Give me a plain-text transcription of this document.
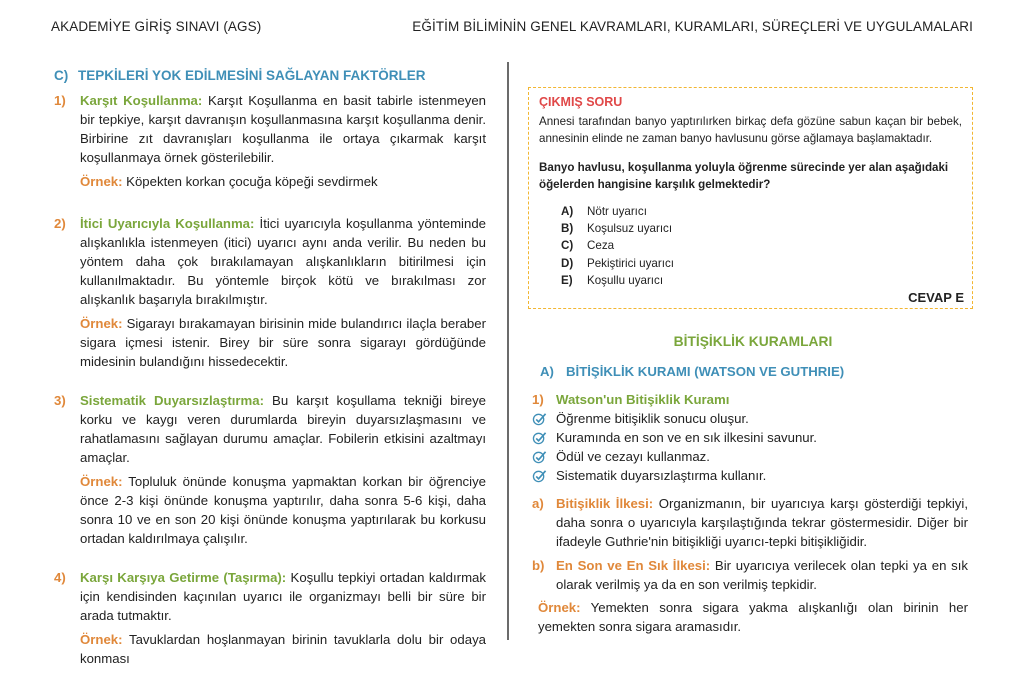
AKADEMİYE GİRİŞ SINAVI (AGS)	EĞİTİM BİLİMİNİN GENEL KAVRAMLARI, KURAMLARI, SÜREÇLERİ VE UYGULAMALARI
C) TEPKİLERİ YOK EDİLMESİNİ SAĞLAYAN FAKTÖRLER
1)	Karşıt Koşullanma: Karşıt Koşullanma en basit tabirle istenmeyen bir tepkiye, karşıt davranışın koşullanmasına karşıt koşullanma denir. Birbirine zıt davranışları koşullanma ile ortaya çıkarmak karşıt koşullanmaya örnek gösterilebilir.
Örnek: Köpekten korkan çocuğa köpeği sevdirmek
2)	İtici Uyarıcıyla Koşullanma: İtici uyarıcıyla koşullanma yönteminde alışkanlıkla istenmeyen (itici) uyarıcı aynı anda verilir. Bu neden bu yöntem daha çok bırakılamayan alışkanlıkların bitirilmesi için kullanılmaktadır. Bu yöntemle birçok kötü ve bırakılması zor alışkanlık başarıyla bırakılmıştır.
Örnek: Sigarayı bırakamayan birisinin mide bulandırıcı ilaçla beraber sigara içmesi istenir. Birey bir süre sonra sigarayı gördüğünde midesinin bulandığını hissedecektir.
3)	Sistematik Duyarsızlaştırma: Bu karşıt koşullama tekniği bireye korku ve kaygı veren durumlarda bireyin duyarsızlaşmasını ve rahatlamasını sağlayan durumu amaçlar. Fobilerin etkisini azaltmayı amaçlar.
Örnek: Topluluk önünde konuşma yapmaktan korkan bir öğrenciye önce 2-3 kişi önünde konuşma yaptırılır, daha sonra 5-6 kişi, daha sonra 10 ve en son 20 kişi önünde konuşma yaptırılarak bu korkusu ortadan kaldırılmaya çalışılır.
4)	Karşı Karşıya Getirme (Taşırma): Koşullu tepkiyi ortadan kaldırmak için kendisinden kaçınılan uyarıcı ile organizmayı belli bir süre bir arada tutmaktır.
Örnek: Tavuklardan hoşlanmayan birinin tavuklarla dolu bir odaya konması
ÇIKMIŞ SORU
Annesi tarafından banyo yaptırılırken birkaç defa gözüne sabun kaçan bir bebek, annesinin elinde ne zaman banyo havlusunu görse ağlamaya başlamaktadır.
Banyo havlusu, koşullanma yoluyla öğrenme sürecinde yer alan aşağıdaki öğelerden hangisine karşılık gelmektedir?
A)	Nötr uyarıcı
B)	Koşulsuz uyarıcı
C)	Ceza
D)	Pekiştirici uyarıcı
E)	Koşullu uyarıcı
CEVAP E
BİTİŞİKLİK KURAMLARI
A) BİTİŞİKLİK KURAMI (WATSON VE GUTHRIE)
1) Watson'un Bitişiklik Kuramı
Öğrenme bitişiklik sonucu oluşur.
Kuramında en son ve en sık ilkesini savunur.
Ödül ve cezayı kullanmaz.
Sistematik duyarsızlaştırma kullanır.
a) Bitişiklik İlkesi: Organizmanın, bir uyarıcıya karşı gösterdiği tepkiyi, daha sonra o uyarıcıyla karşılaştığında tekrar göstermesidir. Diğer bir ifadeyle Guthrie'nin bitişikliği uyarıcı-tepki bitişikliğidir.
b) En Son ve En Sık İlkesi: Bir uyarıcıya verilecek olan tepki ya en sık olarak verilmiş ya da en son verilmiş tepkidir.
Örnek: Yemekten sonra sigara yakma alışkanlığı olan birinin her yemekten sonra sigara aramasıdır.
